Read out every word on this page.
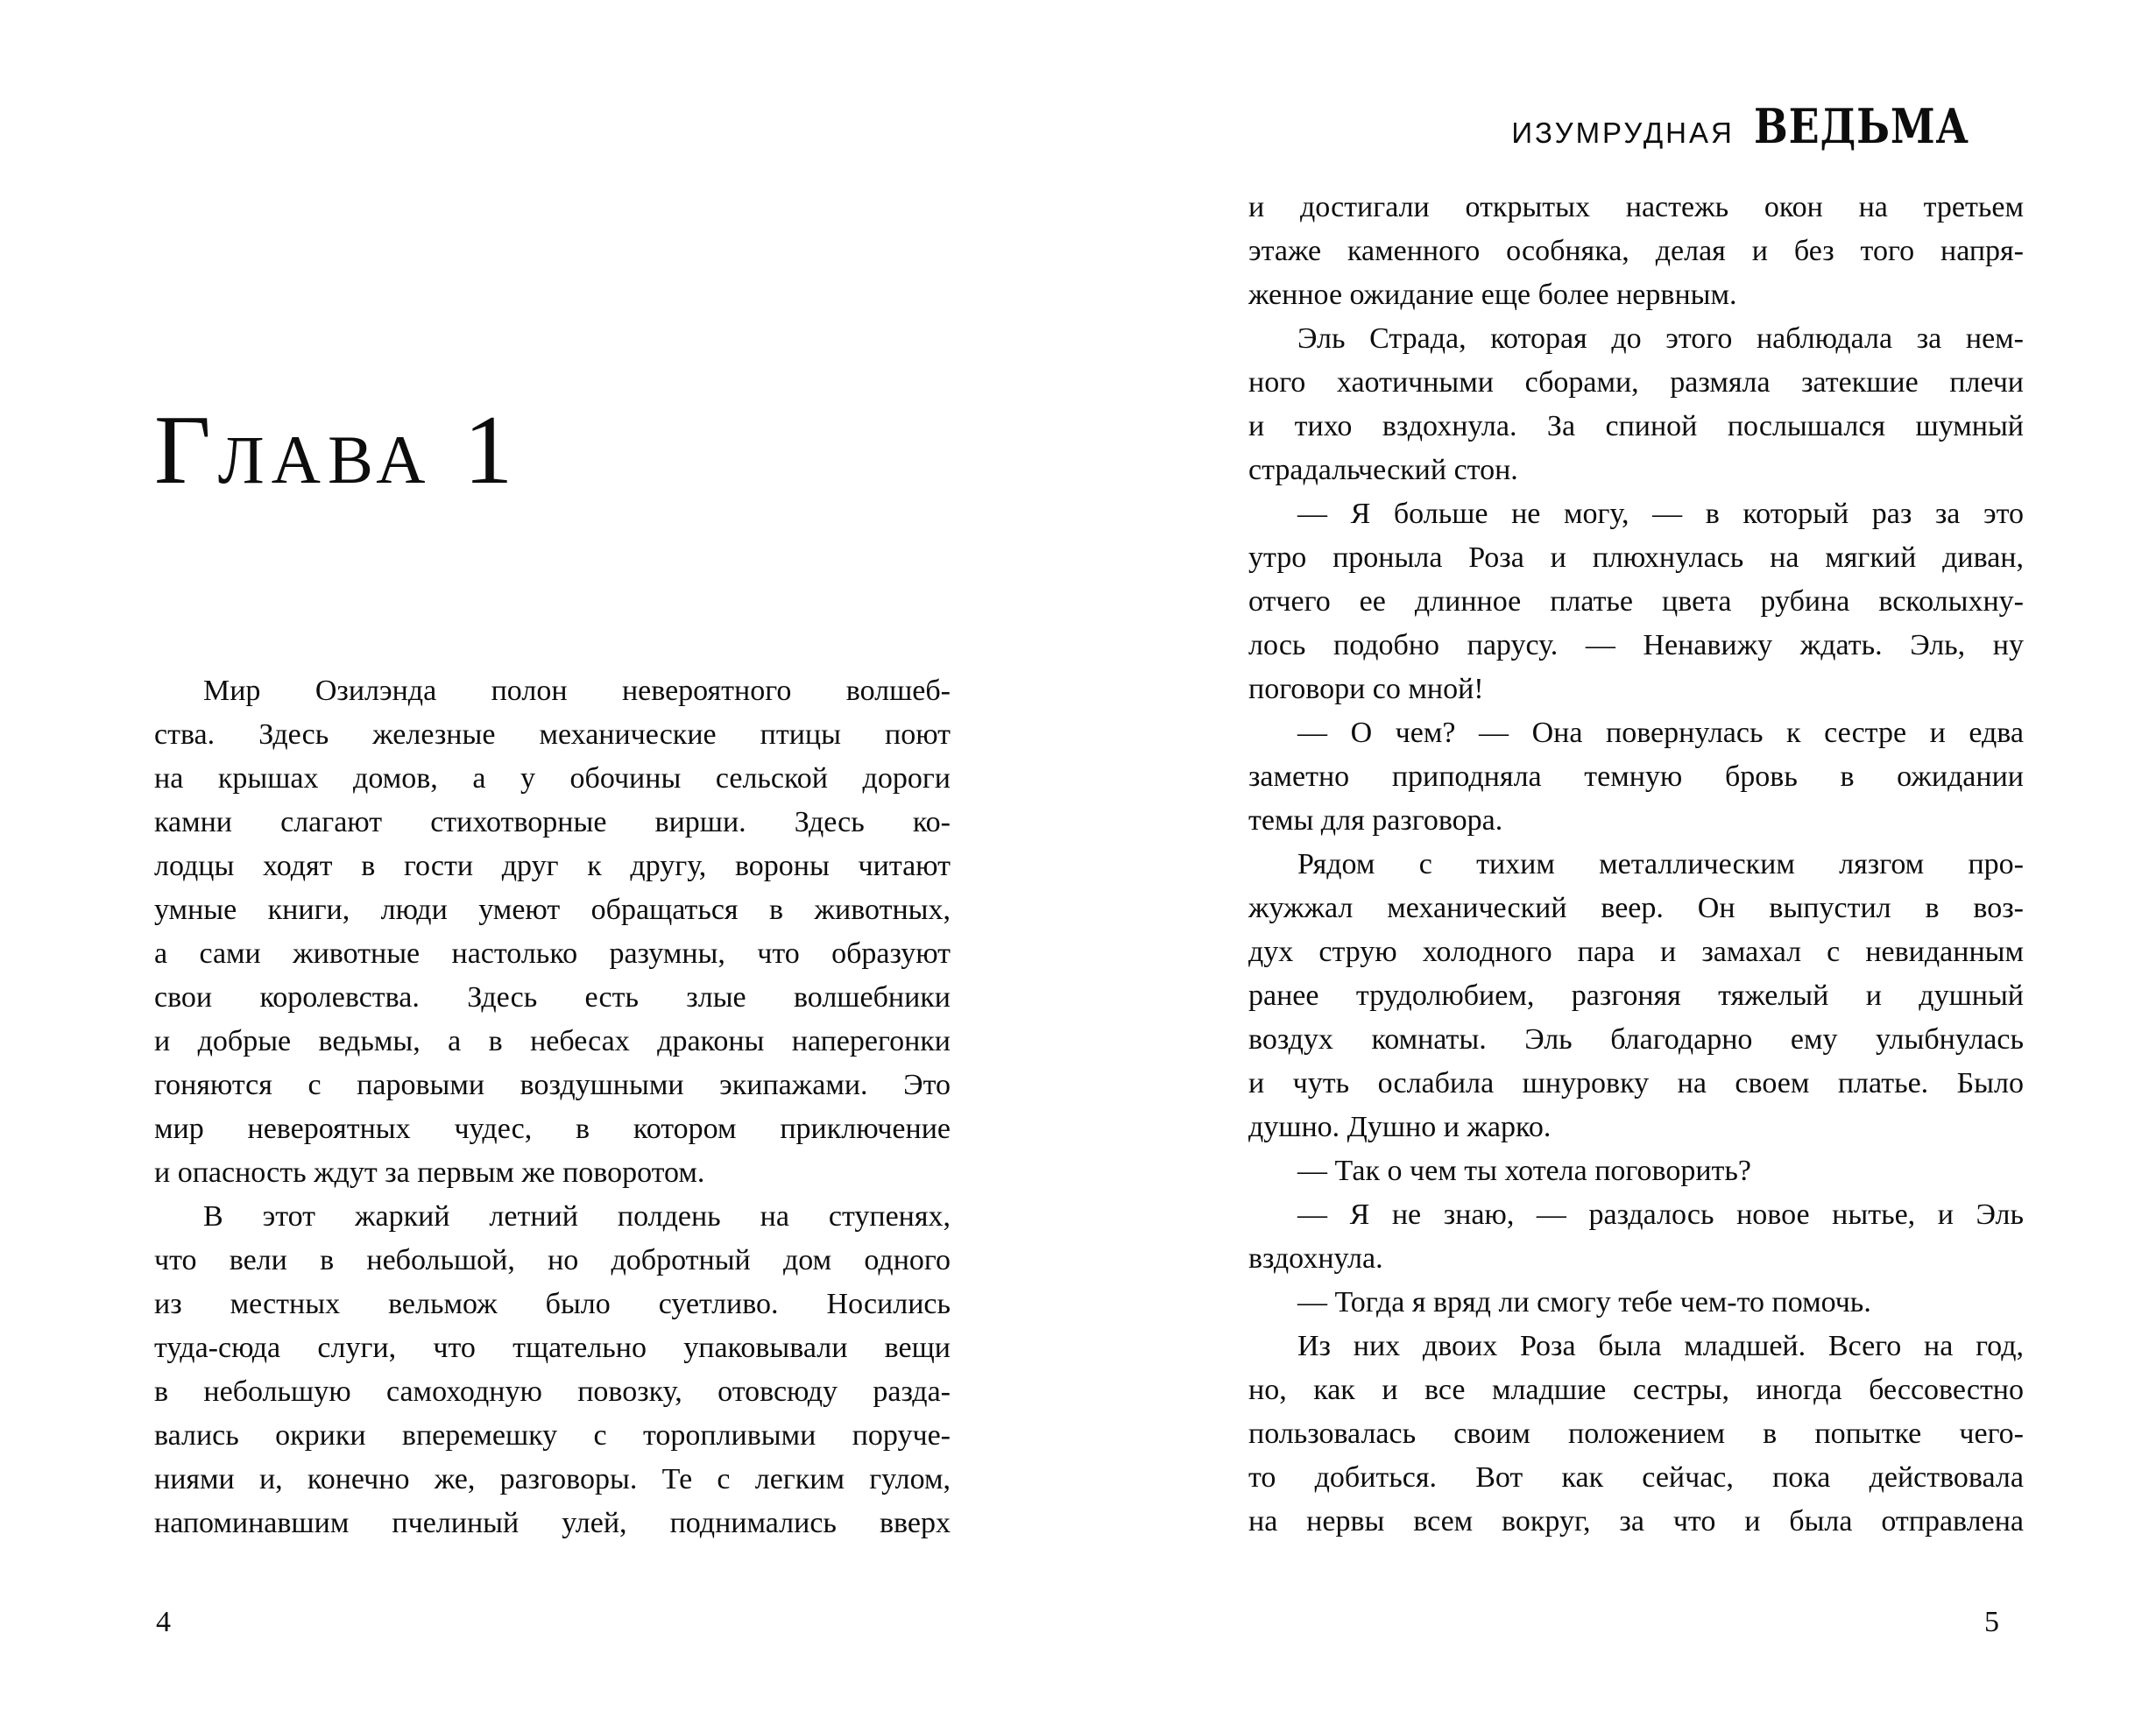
ИЗУМРУДНАЯ ВЕДЬМА
Глава 1
Мир Озилэнда полон невероятного волшеб-
ства. Здесь железные механические птицы поют
на крышах домов, а у обочины сельской дороги
камни слагают стихотворные вирши. Здесь ко-
лодцы ходят в гости друг к другу, вороны читают
умные книги, люди умеют обращаться в животных,
а сами животные настолько разумны, что образуют
свои королевства. Здесь есть злые волшебники
и добрые ведьмы, а в небесах драконы наперегонки
гоняются с паровыми воздушными экипажами. Это
мир невероятных чудес, в котором приключение
и опасность ждут за первым же поворотом.
В этот жаркий летний полдень на ступенях,
что вели в небольшой, но добротный дом одного
из местных вельмож было суетливо. Носились
туда-сюда слуги, что тщательно упаковывали вещи
в небольшую самоходную повозку, отовсюду разда-
вались окрики вперемешку с торопливыми поруче-
ниями и, конечно же, разговоры. Те с легким гулом,
напоминавшим пчелиный улей, поднимались вверх
и достигали открытых настежь окон на третьем
этаже каменного особняка, делая и без того напря-
женное ожидание еще более нервным.
Эль Страда, которая до этого наблюдала за нем-
ного хаотичными сборами, размяла затекшие плечи
и тихо вздохнула. За спиной послышался шумный
страдальческий стон.
— Я больше не могу, — в который раз за это
утро проныла Роза и плюхнулась на мягкий диван,
отчего ее длинное платье цвета рубина всколыхну-
лось подобно парусу. — Ненавижу ждать. Эль, ну
поговори со мной!
— О чем? — Она повернулась к сестре и едва
заметно приподняла темную бровь в ожидании
темы для разговора.
Рядом с тихим металлическим лязгом про-
жужжал механический веер. Он выпустил в воз-
дух струю холодного пара и замахал с невиданным
ранее трудолюбием, разгоняя тяжелый и душный
воздух комнаты. Эль благодарно ему улыбнулась
и чуть ослабила шнуровку на своем платье. Было
душно. Душно и жарко.
— Так о чем ты хотела поговорить?
— Я не знаю, — раздалось новое нытье, и Эль
вздохнула.
— Тогда я вряд ли смогу тебе чем-то помочь.
Из них двоих Роза была младшей. Всего на год,
но, как и все младшие сестры, иногда бессовестно
пользовалась своим положением в попытке чего-
то добиться. Вот как сейчас, пока действовала
на нервы всем вокруг, за что и была отправлена
4	5
